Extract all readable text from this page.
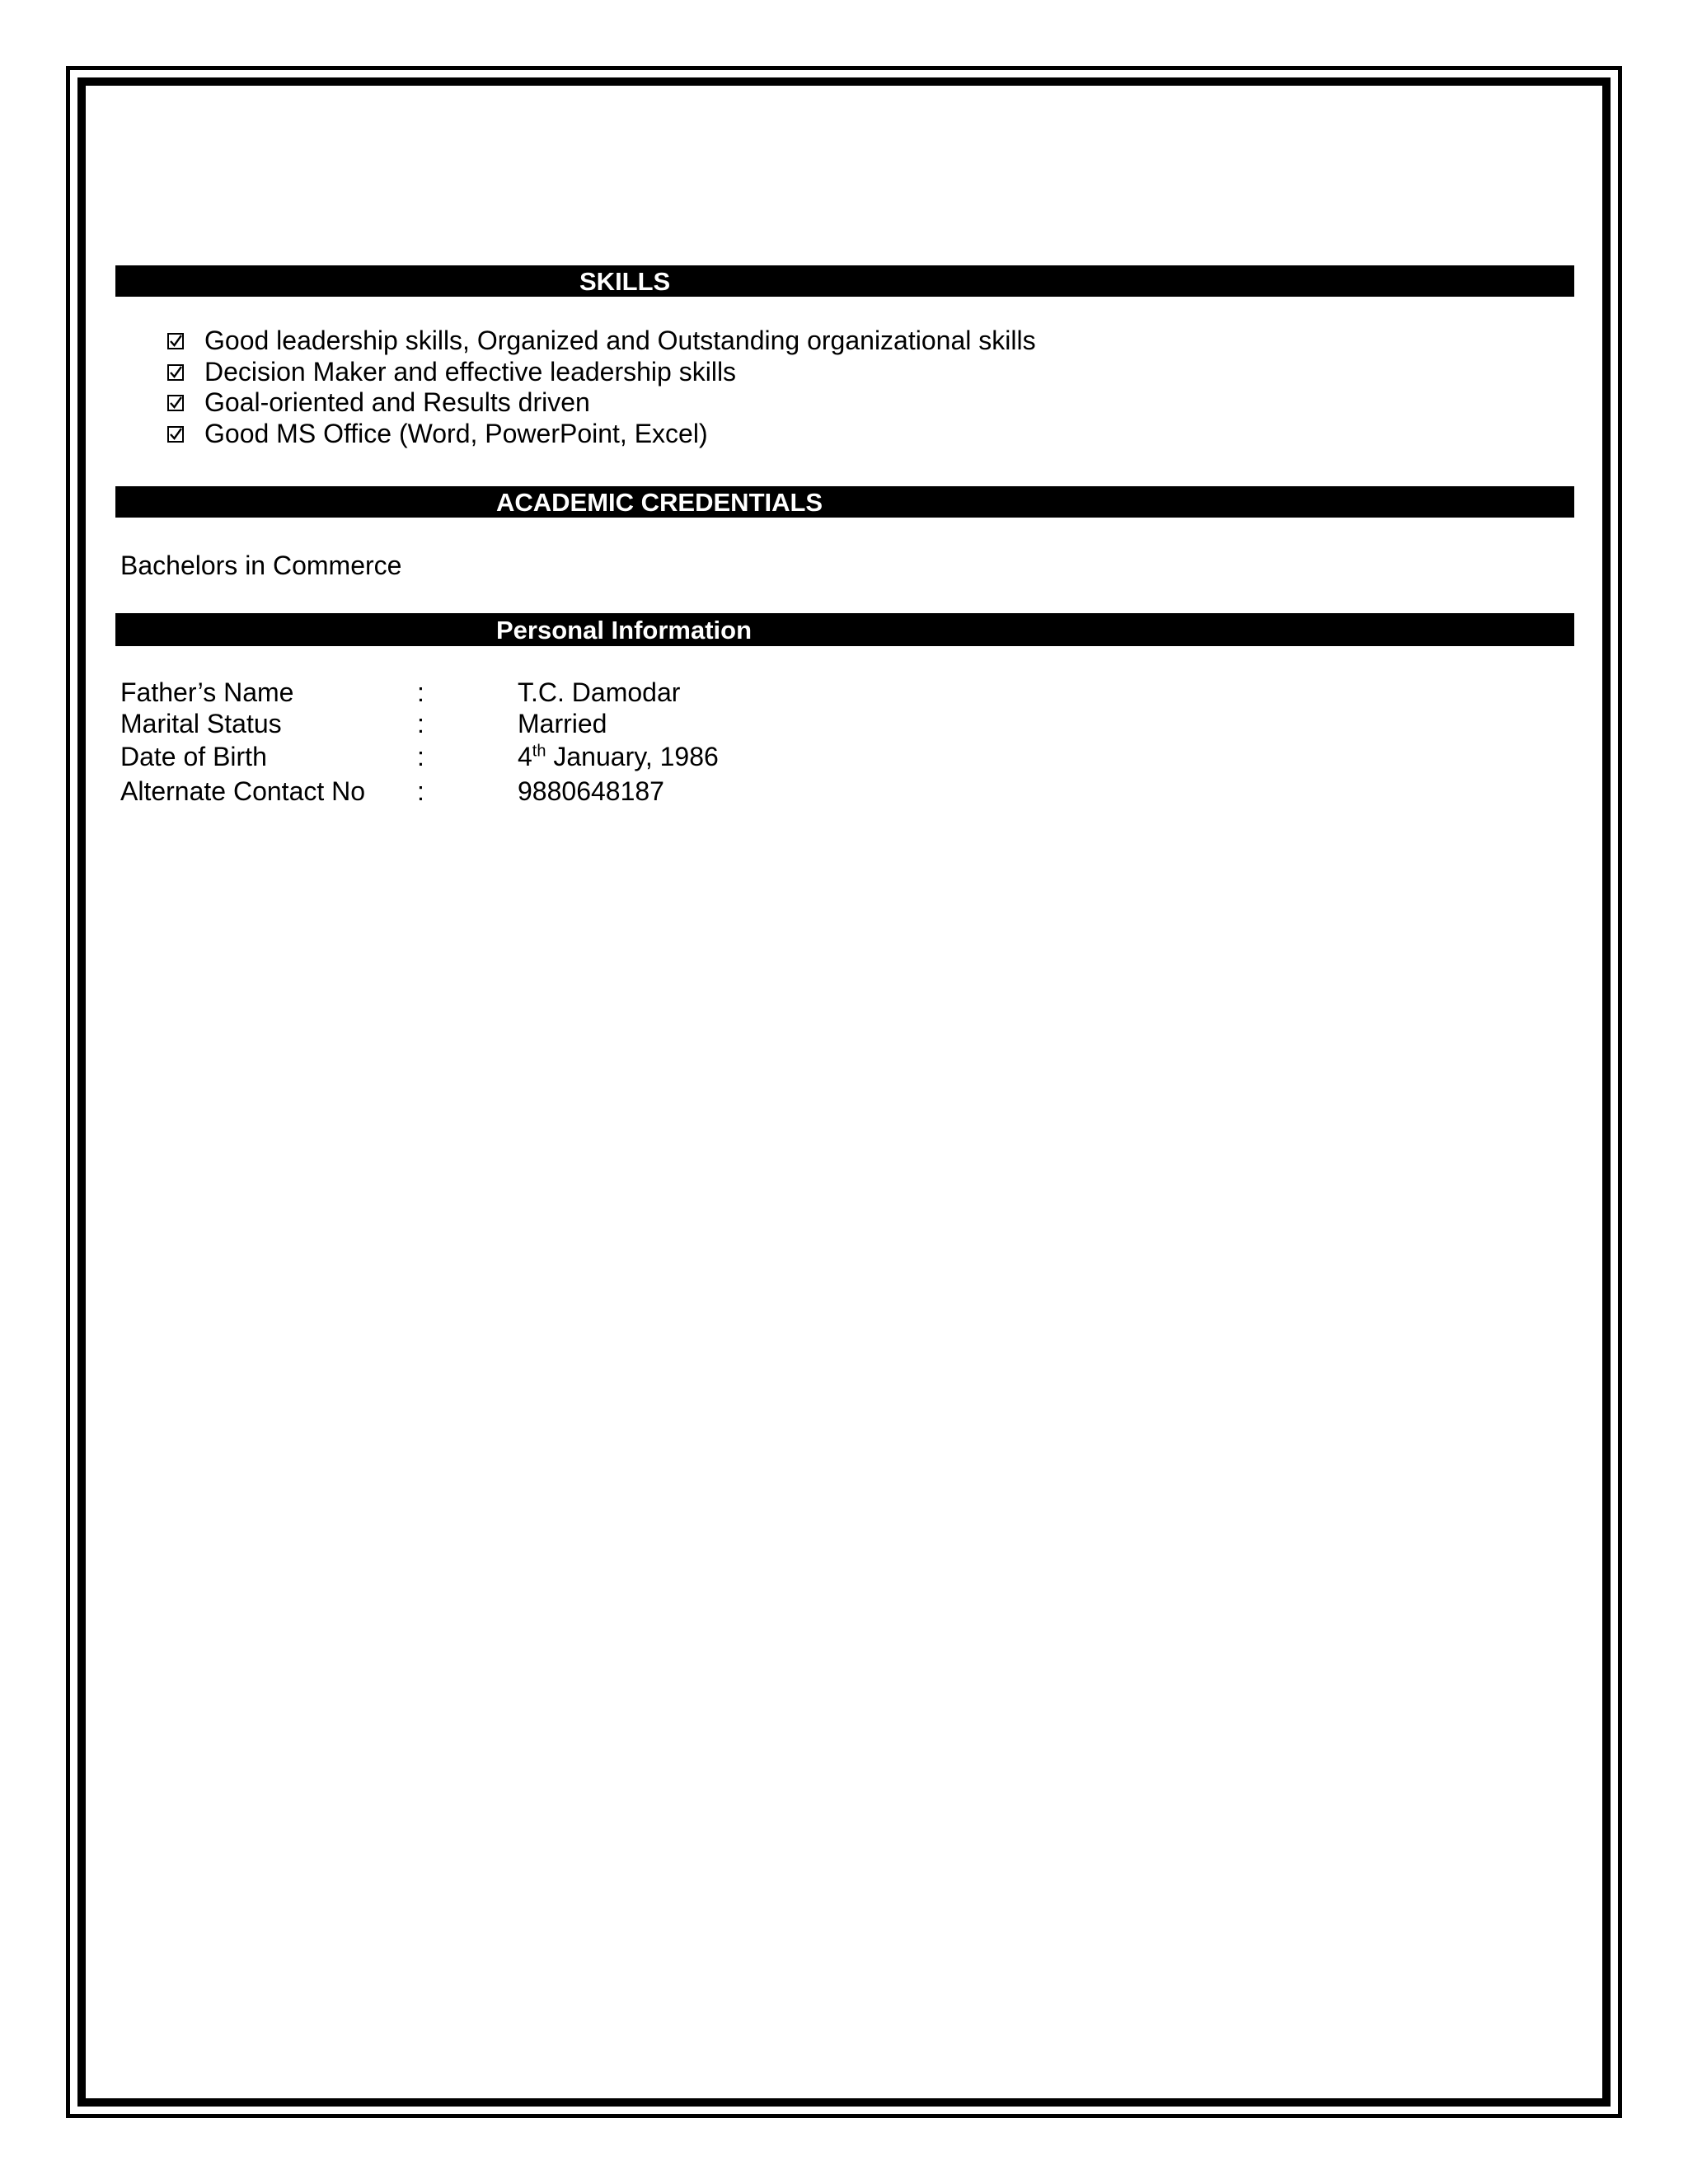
SKILLS
Good leadership skills, Organized and Outstanding organizational skills
Decision Maker and effective leadership skills
Goal-oriented and Results driven
Good MS Office (Word, PowerPoint, Excel)
ACADEMIC CREDENTIALS
Bachelors in Commerce
Personal Information
Father’s Name	:	T.C. Damodar
Marital Status	:	Married
Date of Birth	:	4th January, 1986
Alternate Contact No :	9880648187
